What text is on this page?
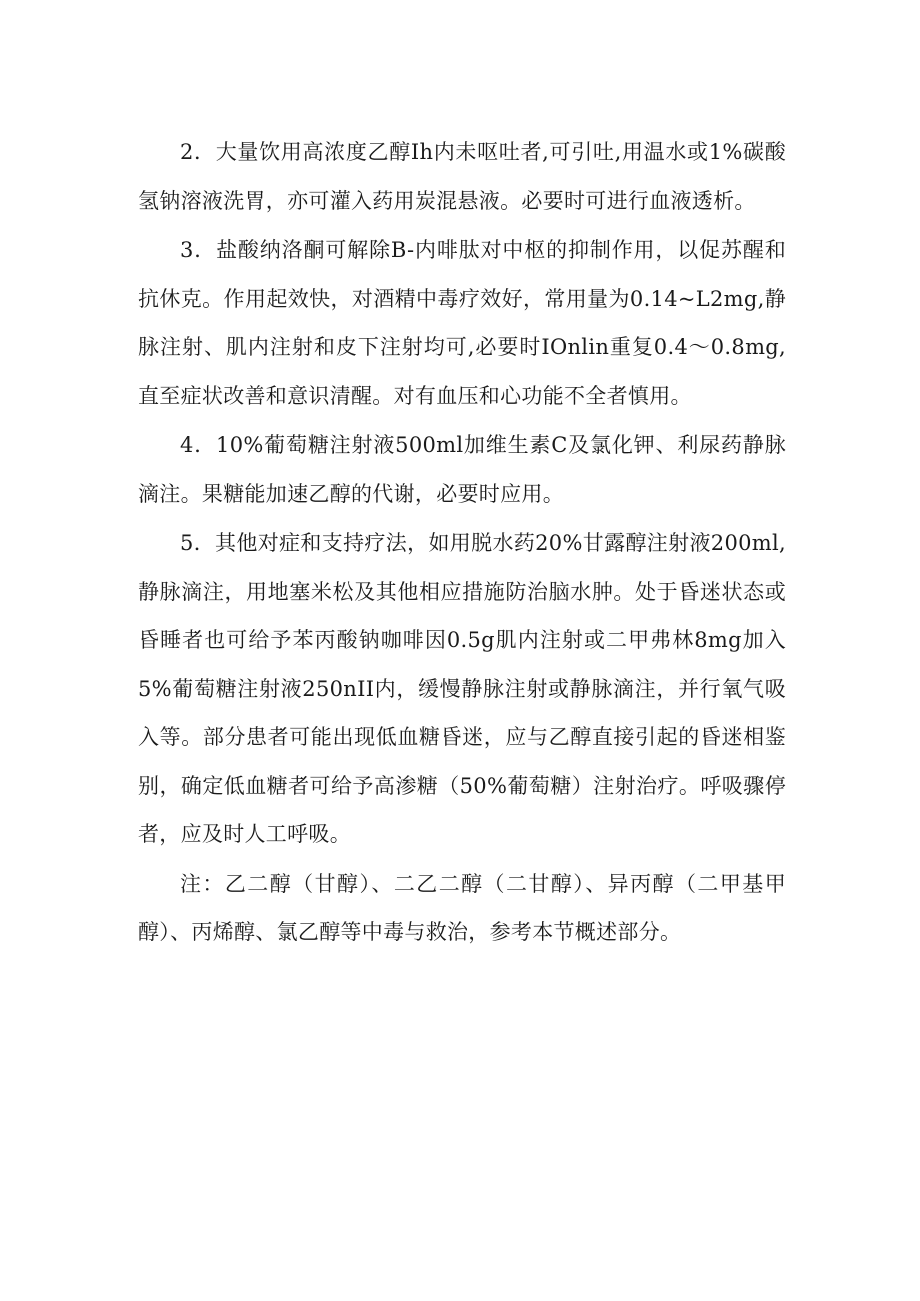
2．大量饮用高浓度乙醇Ih内未呕吐者,可引吐,用温水或1%碳酸氢钠溶液洗胃，亦可灌入药用炭混悬液。必要时可进行血液透析。

3．盐酸纳洛酮可解除B-内啡肽对中枢的抑制作用，以促苏醒和抗休克。作用起效快，对酒精中毒疗效好，常用量为0.14~L2mg,静脉注射、肌内注射和皮下注射均可,必要时IOnlin重复0.4～0.8mg,直至症状改善和意识清醒。对有血压和心功能不全者慎用。

4．10%葡萄糖注射液500ml加维生素C及氯化钾、利尿药静脉滴注。果糖能加速乙醇的代谢，必要时应用。

5．其他对症和支持疗法，如用脱水药20%甘露醇注射液200ml,静脉滴注，用地塞米松及其他相应措施防治脑水肿。处于昏迷状态或昏睡者也可给予苯丙酸钠咖啡因0.5g肌内注射或二甲弗林8mg加入5%葡萄糖注射液250nII内，缓慢静脉注射或静脉滴注，并行氧气吸入等。部分患者可能出现低血糖昏迷，应与乙醇直接引起的昏迷相鉴别，确定低血糖者可给予高渗糖（50%葡萄糖）注射治疗。呼吸骤停者，应及时人工呼吸。

注：乙二醇（甘醇）、二乙二醇（二甘醇）、异丙醇（二甲基甲醇）、丙烯醇、氯乙醇等中毒与救治，参考本节概述部分。
